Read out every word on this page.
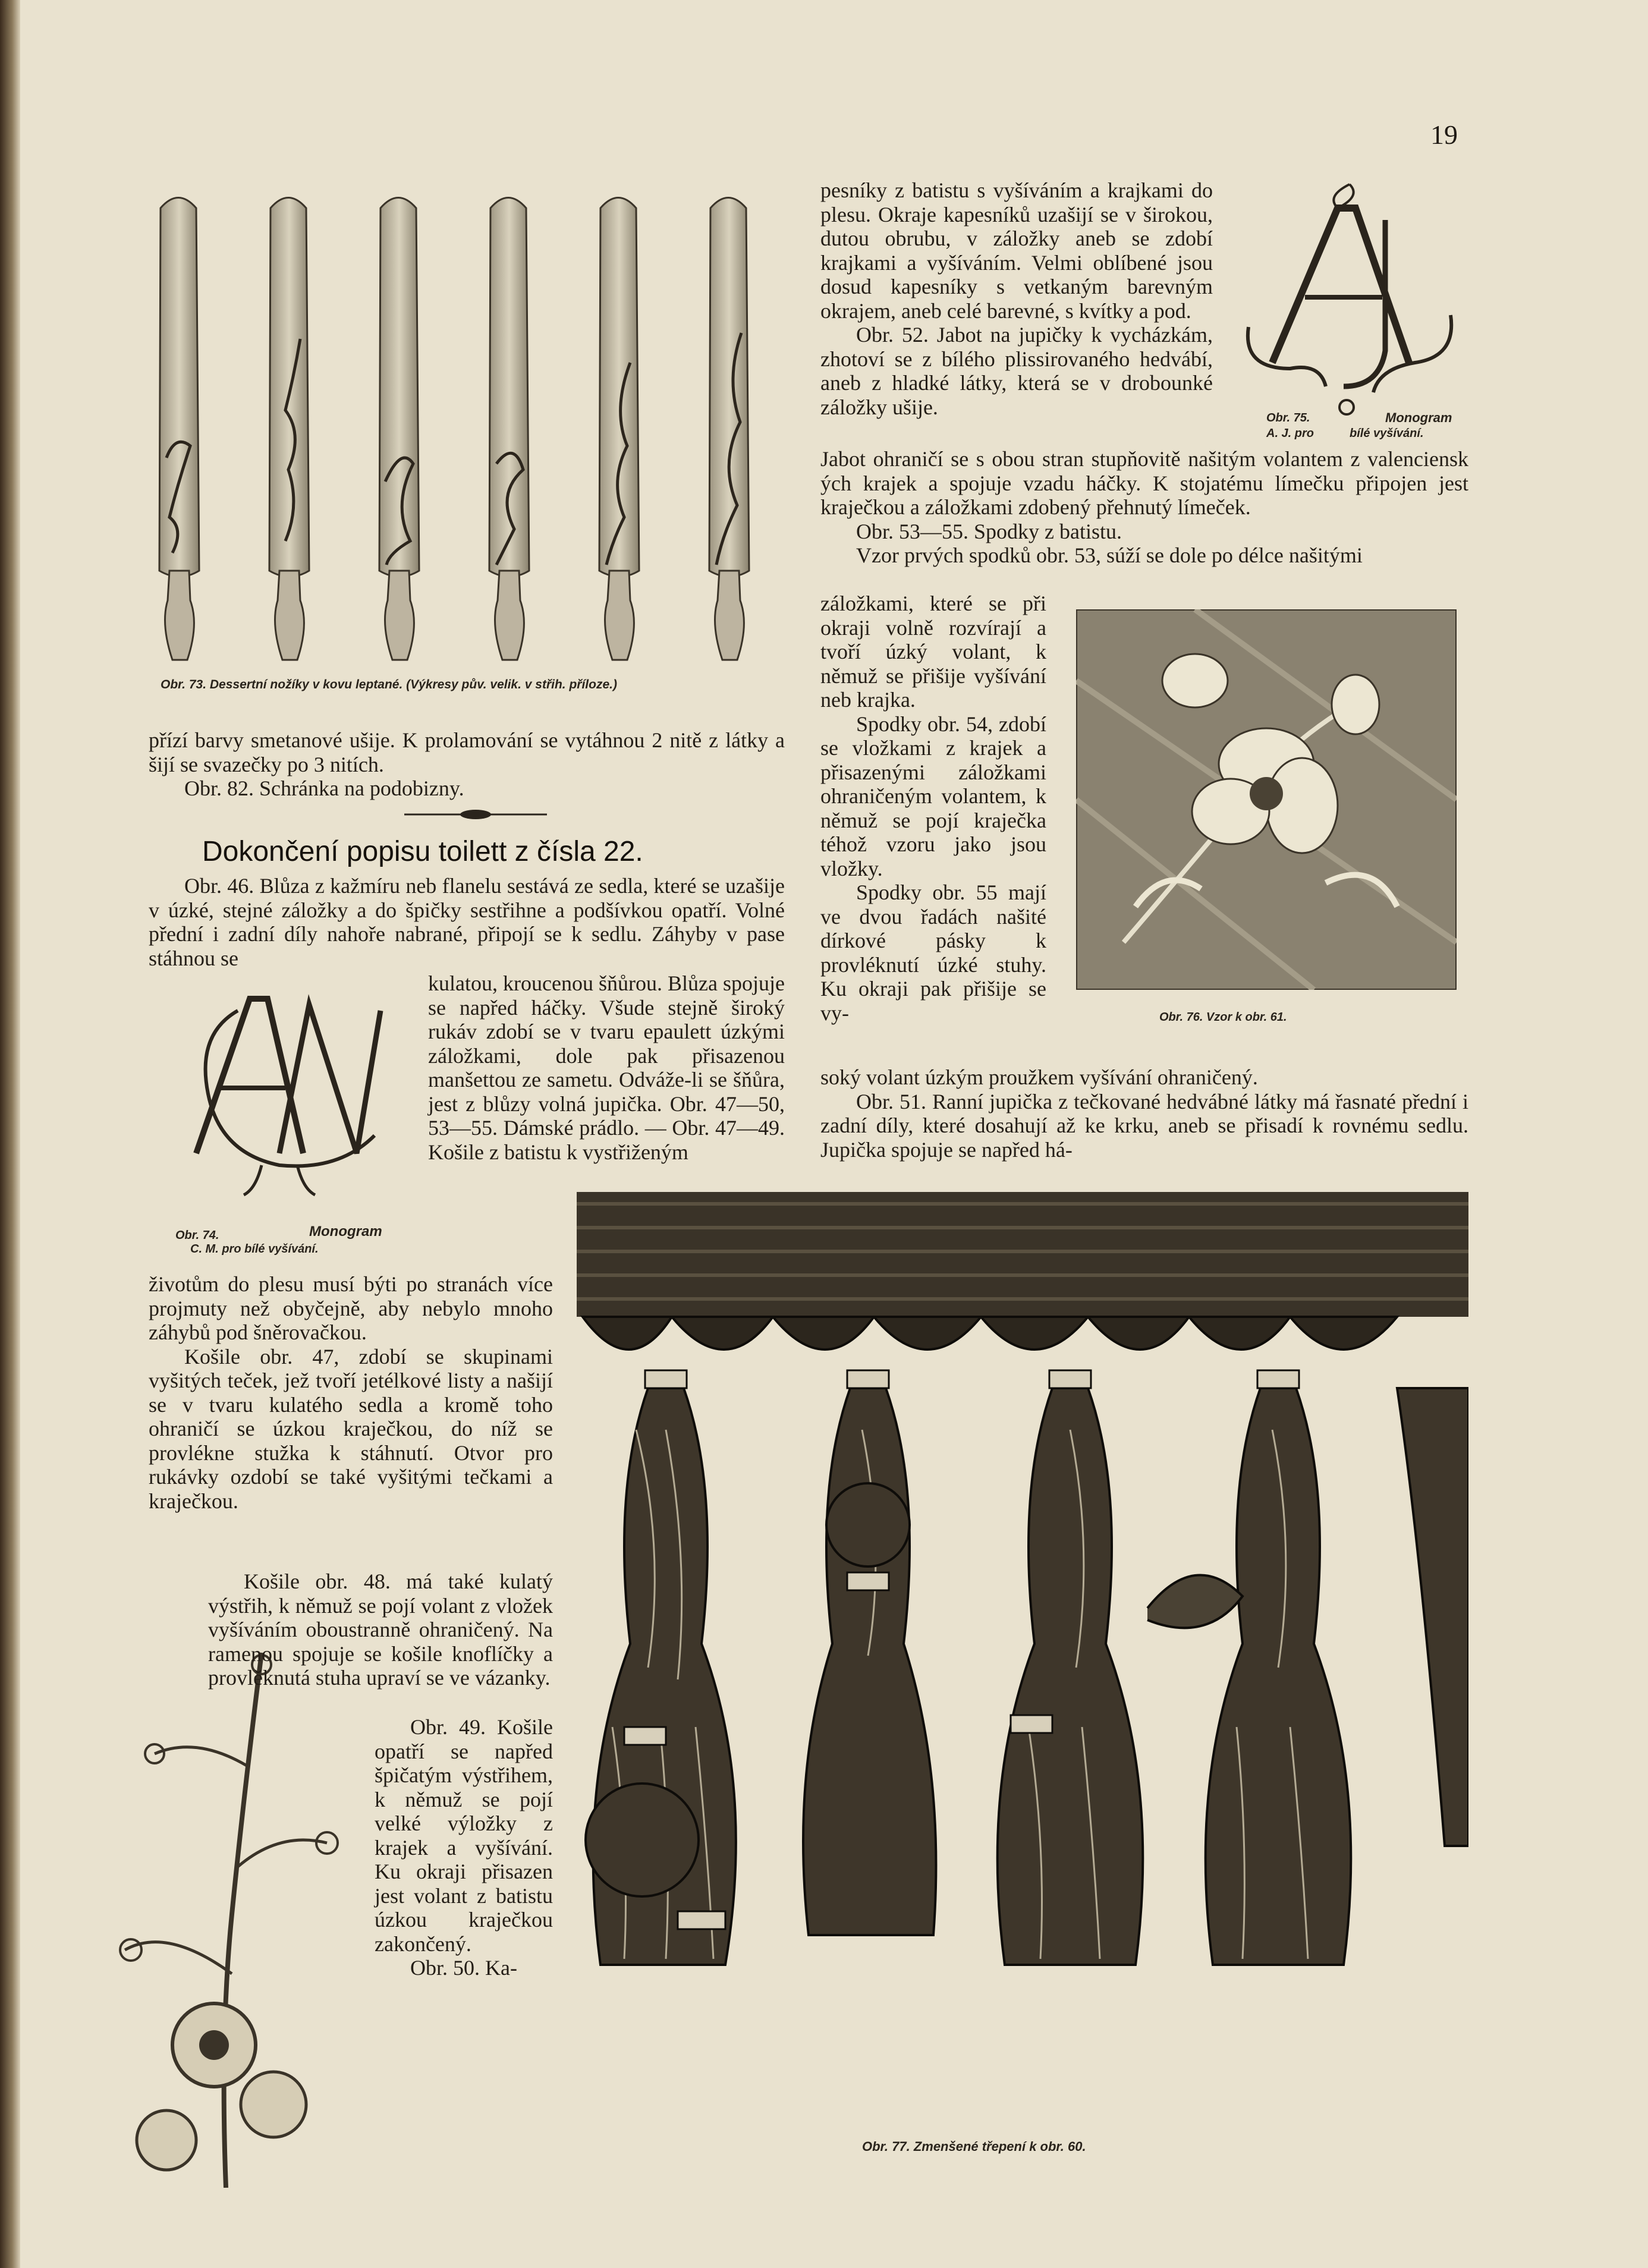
19
Obr. 73. Dessertní nožíky v kovu leptané. (Výkresy pův. velik. v střih. příloze.)

přízí barvy smetanové ušije. K prolamování se vytáhnou 2 nitě z látky a šijí se svazečky po 3 nitích.

Obr. 82. Schránka na podobizny.

Dokončení popisu toilett z čísla 22.

Obr. 46. Blůza z kažmíru neb flanelu sestává ze sedla, které se uzašije v úzké, stejné záložky a do špičky sestřihne a podšívkou opatří. Volné přední i zadní díly nahoře nabrané, připojí se k sedlu. Záhyby v pase stáhnou se

Obr. 74.
C. M. pro bílé vyšívání.
Monogram

kulatou, kroucenou šňůrou. Blůza spojuje se napřed háčky. Všude stejně široký rukáv zdobí se v tvaru epaulett úzkými záložkami, dole pak přisazenou manšettou ze sametu. Odváže-li se šňůra, jest z blůzy volná jupička. Obr. 47—50, 53—55. Dámské prádlo. — Obr. 47—49. Košile z batistu k vystřiženým

životům do plesu musí býti po stranách více projmuty než obyčejně, aby nebylo mnoho záhybů pod šněrovačkou.

Košile obr. 47, zdobí se skupinami vyšitých teček, jež tvoří jetélkové listy a našijí se v tvaru kulatého sedla a kromě toho ohraničí se úzkou kraječkou, do níž se provlékne stužka k stáhnutí. Otvor pro rukávky ozdobí se také vyšitými tečkami a kraječkou.

Košile obr. 48. má také kulatý výstřih, k němuž se pojí volant z vložek vyšíváním oboustranně ohraničený. Na ramenou spojuje se košile knoflíčky a provlěknutá stuha upraví se ve vázanky.

Obr. 49. Košile opatří se napřed špičatým výstřihem, k němuž se pojí velké výložky z krajek a vyšívání. Ku okraji přisazen jest volant z batistu úzkou kraječkou zakončený.

Obr. 50. Ka-

pesníky z batistu s vyšíváním a krajkami do plesu. Okraje kapesníků uzašijí se v širokou, dutou obrubu, v záložky aneb se zdobí krajkami a vyšíváním. Velmi oblíbené jsou dosud kapesníky s vetkaným barevným okrajem, aneb celé barevné, s kvítky a pod.

Obr. 52. Jabot na jupičky k vycházkám, zhotoví se z bílého plissirovaného hedvábí, aneb z hladké látky, která se v drobounké záložky ušije.	Obr. 75.	Monogram
A. J. pro	bílé vyšívání.

Jabot ohraničí se s obou stran stupňovitě našitým volantem z valenciensk ých krajek a spojuje vzadu háčky. K stojatému límečku připojen jest kraječkou a záložkami zdobený přehnutý límeček.

Obr. 53—55. Spodky z batistu.

Vzor prvých spodků obr. 53, súží se dole po délce našitými

Obr. 76. Vzor k obr. 61.

záložkami, které se při okraji volně rozvírají a tvoří úzký volant, k němuž se přišije vyšívání neb krajka.

Spodky obr. 54, zdobí se vložkami z krajek a přisazenými záložkami ohraničeným volantem, k němuž se pojí kraječka téhož vzoru jako jsou vložky.

Spodky obr. 55 mají ve dvou řadách našité dírkové pásky k provléknutí úzké stuhy. Ku okraji pak přišije se vy-

soký volant úzkým proužkem vyšívání ohraničený.

Obr. 51. Ranní jupička z tečkované hedvábné látky má řasnaté přední i zadní díly, které dosahují až ke krku, aneb se přisadí k rovnému sedlu. Jupička spojuje se napřed há-

Obr. 77. Zmenšené třepení k obr. 60.
